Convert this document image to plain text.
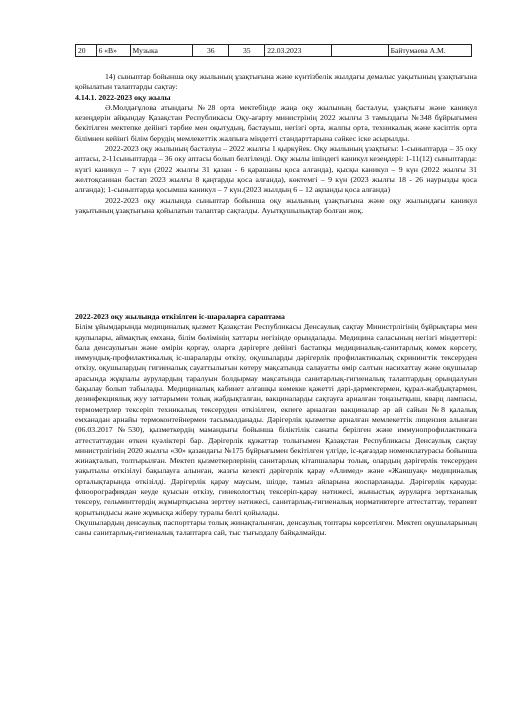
20	6 «В»	Музыка	36	35	22.03.2023		Байтумаева А.М.

14) сыныптар бойынша оқу жылының ұзақтығына және күнтізбелік жылдағы демалыс уақытының ұзақтығына қойылатын талаптарды сақтау:

4.14.1. 2022-2023 оқу жылы

Ә.Молдағұлова атындағы №28 орта мектебінде жаңа оқу жылының басталуы, ұзақтығы және каникул кезеңдерін айқындау Қазақстан Республикасы Оқу-ағарту министрінің 2022 жылғы 3 тамыздағы №348 бұйрығымен бекітілген мектепке дейінгі тәрбие мен оқытудың, бастауыш, негізгі орта, жалпы орта, техникалық және кәсіптік орта білімнен кейінгі білім берудің мемлекеттік жалпыға міндетті стандарттарына сәйкес іске асырылды.

2022-2023 оқу жылының басталуы – 2022 жылғы 1 қыркүйек. Оқу жылының ұзақтығы: 1-сыныптарда – 35 оку аптасы, 2-11сыныптарда – 36 оку аптасы болып белгіленді. Оқу жылы ішіндегі каникул кезеңдері: 1-11(12) сыныптарда: күзгі каникул – 7 күн (2022 жылғы 31 қазан - 6 қарашаны қоса алғанда), қысқы каникул – 9 күн (2022 жылғы 31 желтоқсаннан бастап 2023 жылғы 8 қаңтарды қоса алғанда), көктемгі – 9 күн (2023 жылғы 18 - 26 наурызды қоса алғанда); 1-сыныптарда қосымша каникул – 7 күн.(2023 жылдың 6 – 12 ақпанды қоса алғанда)

2022-2023 оқу жылында сыныптар бойынша оқу жылының ұзақтығына және оқу жылындағы каникул уақытының ұзақтығына қойылатын талаптар сақталды. Ауытқушылықтар болған жоқ.

2022-2023 оқу жылында өткізілген іс-шараларға сараптама

Білім ұйымдарында медициналық қызмет Қазақстан Республикасы Денсаулық сақтау Министрлігінің бұйрықтары мен қаулылары, аймақтық емхана, білім бөлімінің хаттары негізінде орындалады. Медицина саласының негізгі міндеттері: бала денсаулығын және өмірін қорғау, оларға дәрігерге дейінгі бастапқы медициналық-санитарлық көмек көрсету, иммундық-профилактикалық іс-шараларды өткізу, оқушыларды дәрігерлік профилактикалық скринингтік тексеруден өткізу, оқушылардың гигиеналық сауаттылығын көтеру мақсатында салауатты өмір салтын насихаттау және оқушылар арасында жұқпалы аурулардың таралуын болдырмау мақсатында санитарлық-гигиеналық талаптардың орындалуын бақылау болып табылады. Медициналық кабинет алғашқы көмекке қажетті дәрі-дәрмектермен, құрал-жабдықтармен, дезинфекциялық жуу заттарымен толық жабдықталған, вакциналарды сақтауға арналған тоңазытқыш, кварц лампасы, термометрлер тексеріп техникалық тексеруден өткізілген, екпеге арналған вакциналар әр ай сайын №8 қалалық емханадан арнайы термоконтейнермен тасымалданады. Дәрігерлік қызметке арналған мемлекеттік лицензия алынған (06.03.2017 №530), қызметкердің мамандығы бойынша біліктілік санаты берілген және иммунопрофилактикаға аттестаттаудан өткен куәліктері бар. Дәрігерлік құжаттар толығымен Қазақстан Республикасы Денсаулық сақтау министрлігінің 2020 жылғы «30» қазандағы №175 бұйрығымен бекітілген үлгіде, іс-қағаздар номенклатурасы бойынша жинақталып, толтырылған. Мектеп қызметкерлерінің санитарлық кітапшалары толық, олардың дәрігерлік тексеруден уақытылы өткізілуі бақылауға алынған, жазғы кезекті дәрігерлік қарау «Алимед» және «Жаншуақ» медициналық орталықтарында өткізілді. Дәрігерлік қарау маусым, шілде, тамыз айларына жоспарланады. Дәрігерлік қарауда: флюорографиядан кеуде қуысын өткізу, гинекологтың тексеріп-қарау нәтижесі, жыныстық ауруларға зертханалық тексеру, гельминттердің жұмыртқасына зерттеу нәтижесі, санитарлық-гигиеналық нормативтерге аттестаттау, терапевт қорытындысы және жұмысқа жіберу туралы белгі қойылады.

Оқушылардың денсаулық паспорттары толық жинақталынған, денсаулық топтары көрсетілген. Мектеп оқушыларының саны санитарлық-гигиеналық талаптарға сай, тыс тығыздалу байқалмайды.
